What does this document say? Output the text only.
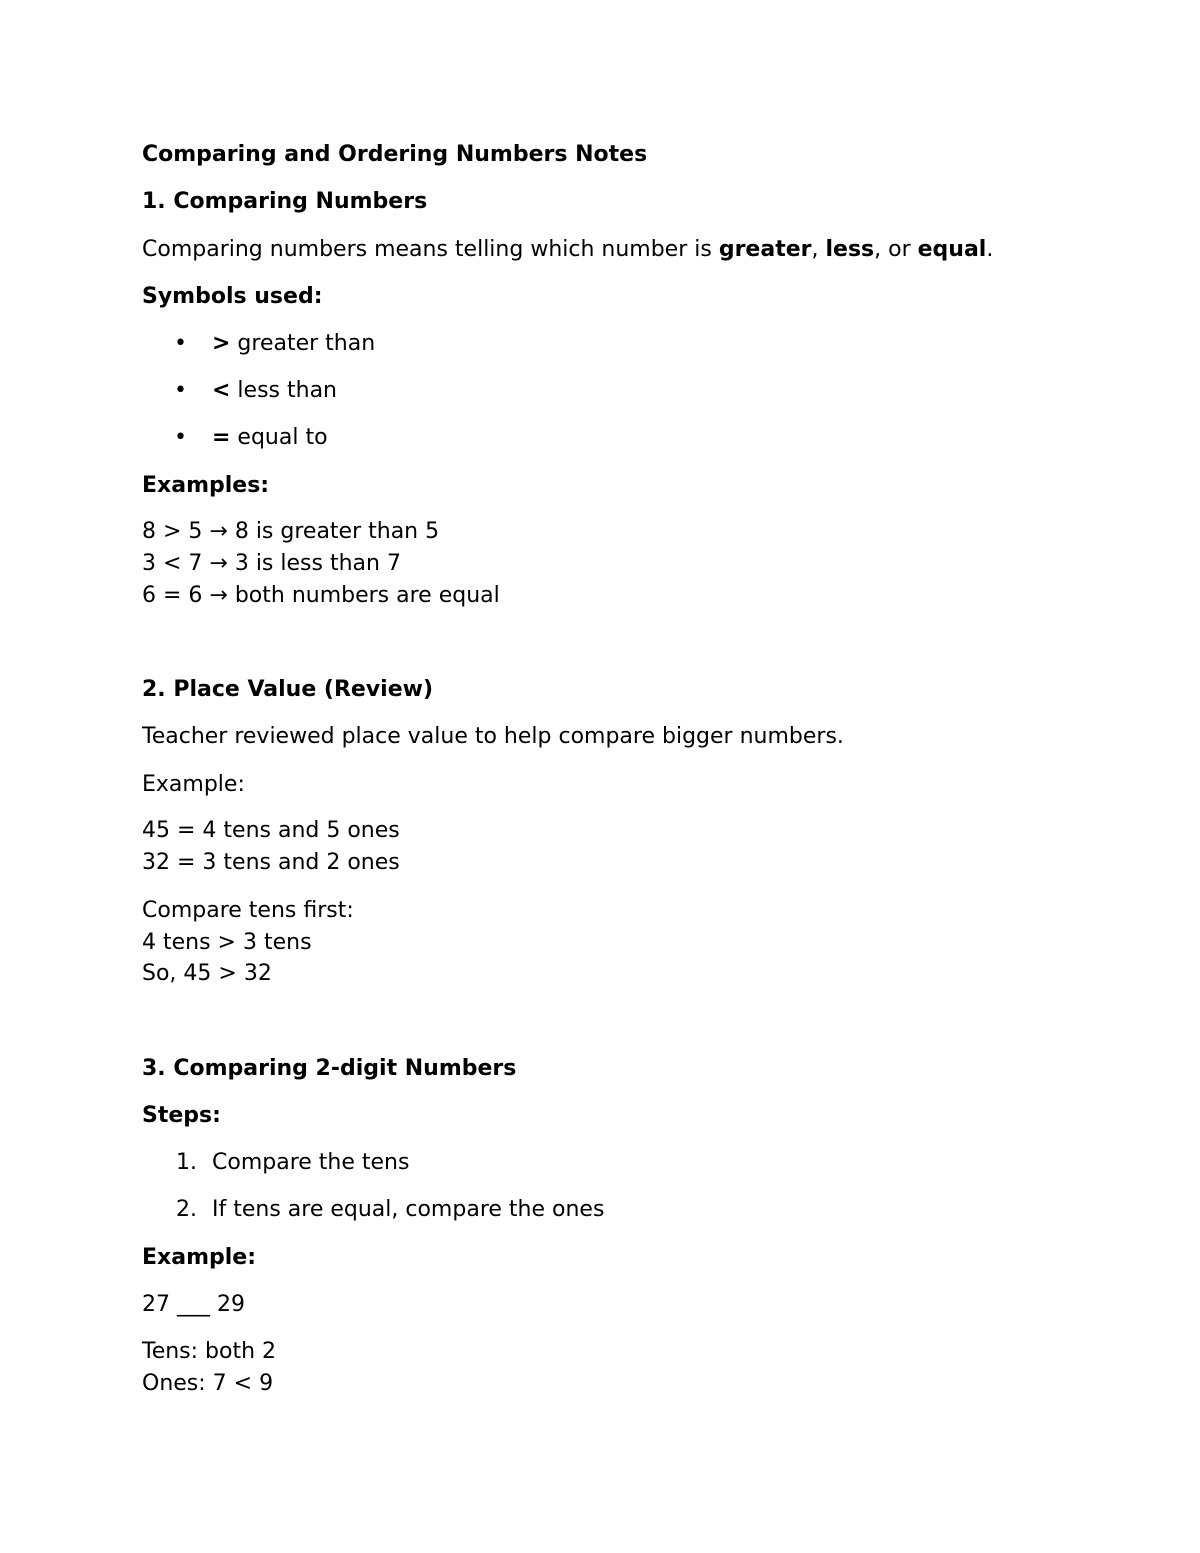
Comparing and Ordering Numbers Notes
1. Comparing Numbers
Comparing numbers means telling which number is greater, less, or equal.
Symbols used:
• > greater than
• < less than
• = equal to
Examples:
8 > 5 → 8 is greater than 5
3 < 7 → 3 is less than 7
6 = 6 → both numbers are equal
2. Place Value (Review)
Teacher reviewed place value to help compare bigger numbers.
Example:
45 = 4 tens and 5 ones
32 = 3 tens and 2 ones
Compare tens first:
4 tens > 3 tens
So, 45 > 32
3. Comparing 2-digit Numbers
Steps:
1. Compare the tens
2. If tens are equal, compare the ones
Example:
27 ___ 29
Tens: both 2
Ones: 7 < 9
